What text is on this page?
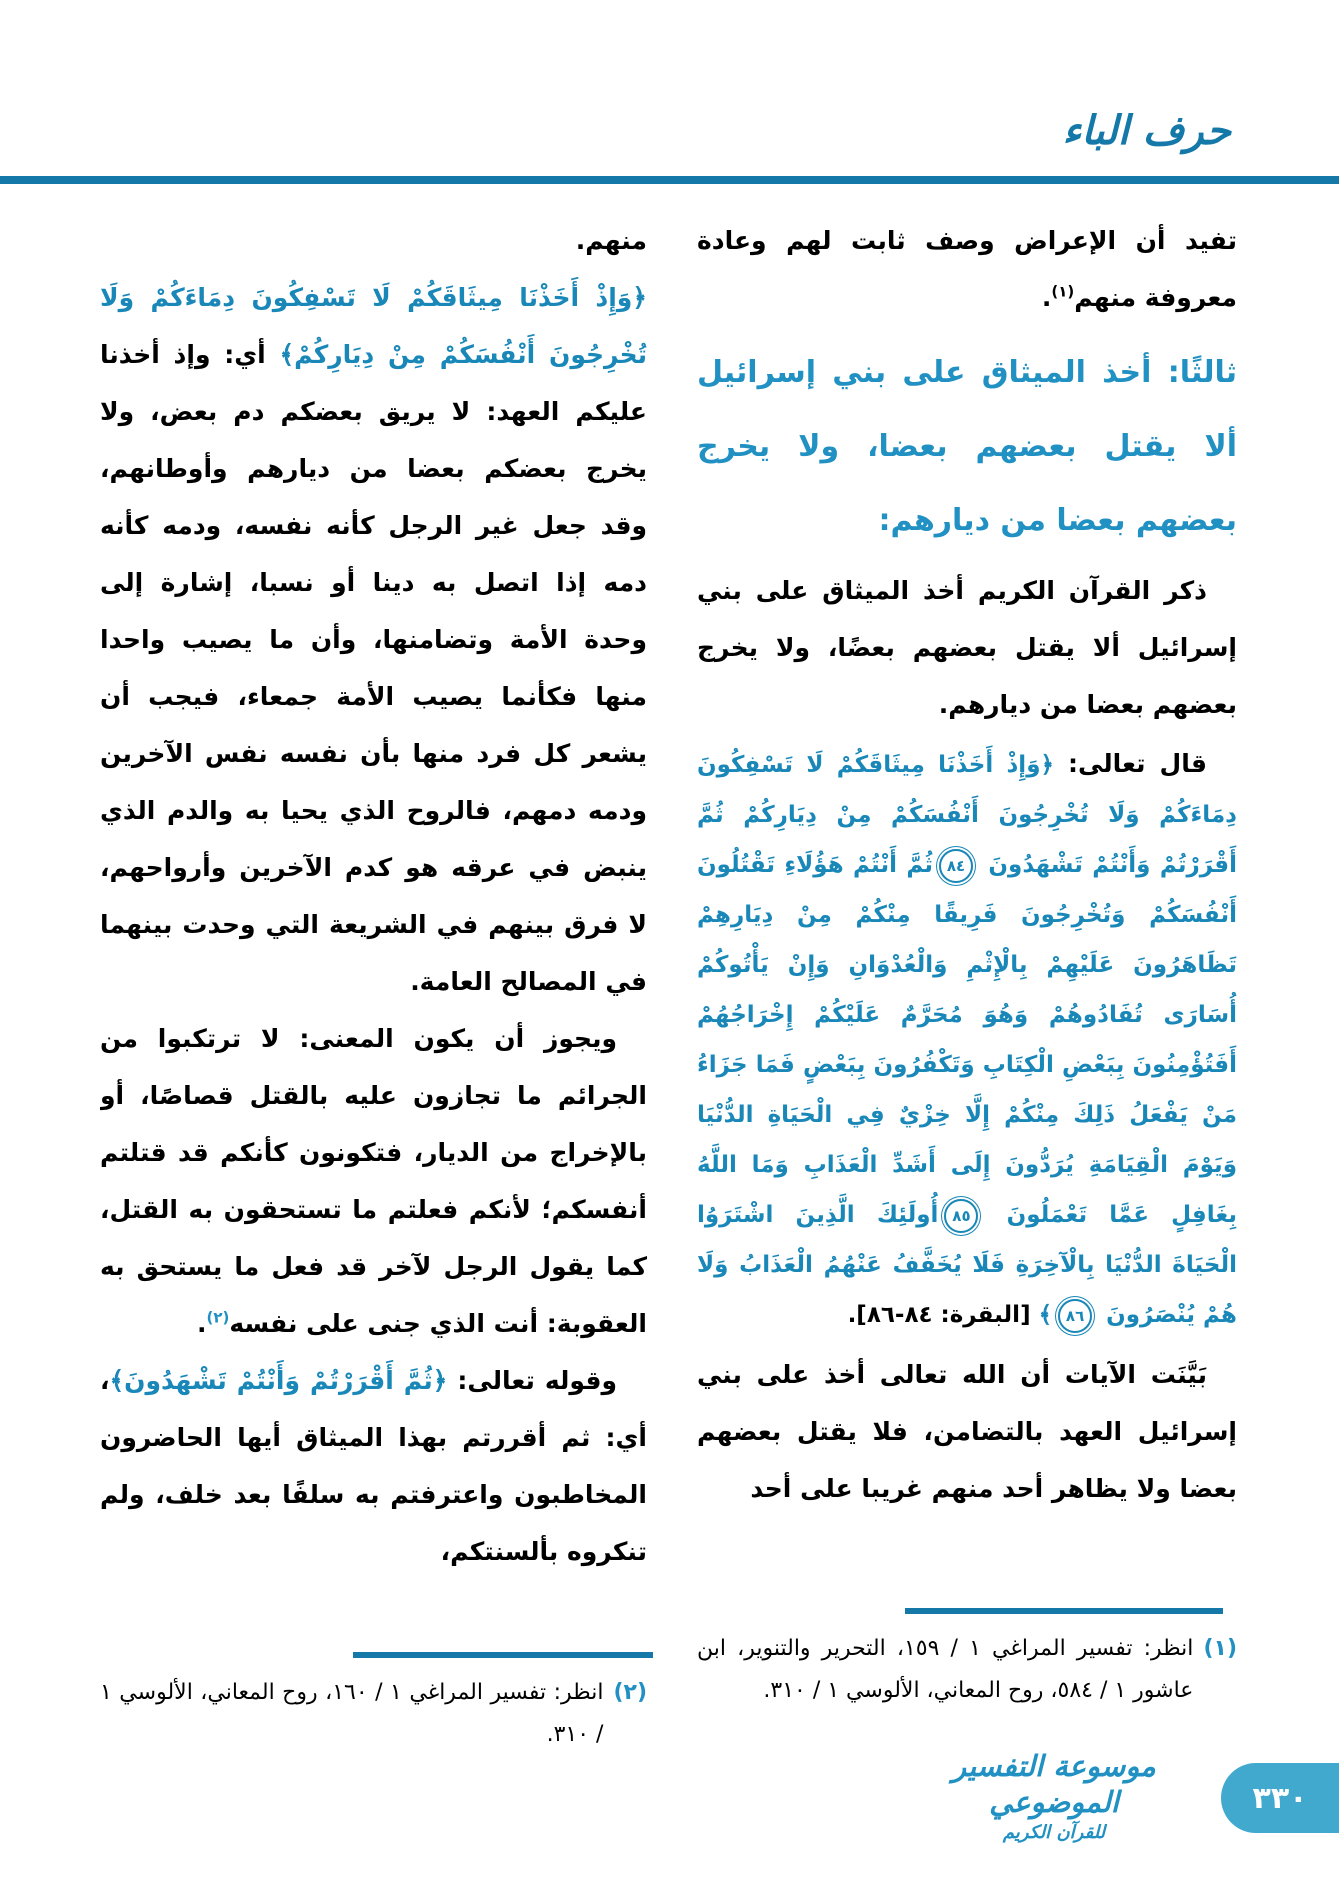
حرف الباء

تفيد أن الإعراض وصف ثابت لهم وعادة معروفة منهم$^{(١)}$.

ثالثًا: أخذ الميثاق على بني إسرائيل ألا يقتل بعضهم بعضا، ولا يخرج بعضهم بعضا من ديارهم:

ذكر القرآن الكريم أخذ الميثاق على بني إسرائيل ألا يقتل بعضهم بعضًا، ولا يخرج بعضهم بعضا من ديارهم.

قال تعالى: ﴿وَإِذْ أَخَذْنَا مِيثَاقَكُمْ لَا تَسْفِكُونَ دِمَاءَكُمْ وَلَا تُخْرِجُونَ أَنْفُسَكُمْ مِنْ دِيَارِكُمْ ثُمَّ أَقْرَرْتُمْ وَأَنْتُمْ تَشْهَدُونَ ٨٤ثُمَّ أَنْتُمْ هَؤُلَاءِ تَقْتُلُونَ أَنْفُسَكُمْ وَتُخْرِجُونَ فَرِيقًا مِنْكُمْ مِنْ دِيَارِهِمْ تَظَاهَرُونَ عَلَيْهِمْ بِالْإِثْمِ وَالْعُدْوَانِ وَإِنْ يَأْتُوكُمْ أُسَارَى تُفَادُوهُمْ وَهُوَ مُحَرَّمٌ عَلَيْكُمْ إِخْرَاجُهُمْ أَفَتُؤْمِنُونَ بِبَعْضِ الْكِتَابِ وَتَكْفُرُونَ بِبَعْضٍ فَمَا جَزَاءُ مَنْ يَفْعَلُ ذَلِكَ مِنْكُمْ إِلَّا خِزْيٌ فِي الْحَيَاةِ الدُّنْيَا وَيَوْمَ الْقِيَامَةِ يُرَدُّونَ إِلَى أَشَدِّ الْعَذَابِ وَمَا اللَّهُ بِغَافِلٍ عَمَّا تَعْمَلُونَ ٨٥أُولَئِكَ الَّذِينَ اشْتَرَوُا الْحَيَاةَ الدُّنْيَا بِالْآخِرَةِ فَلَا يُخَفَّفُ عَنْهُمُ الْعَذَابُ وَلَا هُمْ يُنْصَرُونَ ٨٦﴾ [البقرة: ٨٤-٨٦].

بَيَّنَت الآيات أن الله تعالى أخذ على بني إسرائيل العهد بالتضامن، فلا يقتل بعضهم بعضا ولا يظاهر أحد منهم غريبا على أحد

منهم.

﴿وَإِذْ أَخَذْنَا مِيثَاقَكُمْ لَا تَسْفِكُونَ دِمَاءَكُمْ وَلَا تُخْرِجُونَ أَنْفُسَكُمْ مِنْ دِيَارِكُمْ﴾ أي: وإذ أخذنا عليكم العهد: لا يريق بعضكم دم بعض، ولا يخرج بعضكم بعضا من ديارهم وأوطانهم، وقد جعل غير الرجل كأنه نفسه، ودمه كأنه دمه إذا اتصل به دينا أو نسبا، إشارة إلى وحدة الأمة وتضامنها، وأن ما يصيب واحدا منها فكأنما يصيب الأمة جمعاء، فيجب أن يشعر كل فرد منها بأن نفسه نفس الآخرين ودمه دمهم، فالروح الذي يحيا به والدم الذي ينبض في عرقه هو كدم الآخرين وأرواحهم، لا فرق بينهم في الشريعة التي وحدت بينهما في المصالح العامة.

ويجوز أن يكون المعنى: لا ترتكبوا من الجرائم ما تجازون عليه بالقتل قصاصًا، أو بالإخراج من الديار، فتكونون كأنكم قد قتلتم أنفسكم؛ لأنكم فعلتم ما تستحقون به القتل، كما يقول الرجل لآخر قد فعل ما يستحق به العقوبة: أنت الذي جنى على نفسه$^{(٢)}$.

وقوله تعالى: ﴿ثُمَّ أَقْرَرْتُمْ وَأَنْتُمْ تَشْهَدُونَ﴾، أي: ثم أقررتم بهذا الميثاق أيها الحاضرون المخاطبون واعترفتم به سلفًا بعد خلف، ولم تنكروه بألسنتكم،

(١)
انظر: تفسير المراغي ١ / ١٥٩، التحرير والتنوير، ابن عاشور ١ / ٥٨٤، روح المعاني، الألوسي ١ / ٣١٠.
(٢)
انظر: تفسير المراغي ١ / ١٦٠، روح المعاني، الألوسي ١ / ٣١٠.
موسوعة التفسير الموضوعي
للقرآن الكريم
٣٣٠
